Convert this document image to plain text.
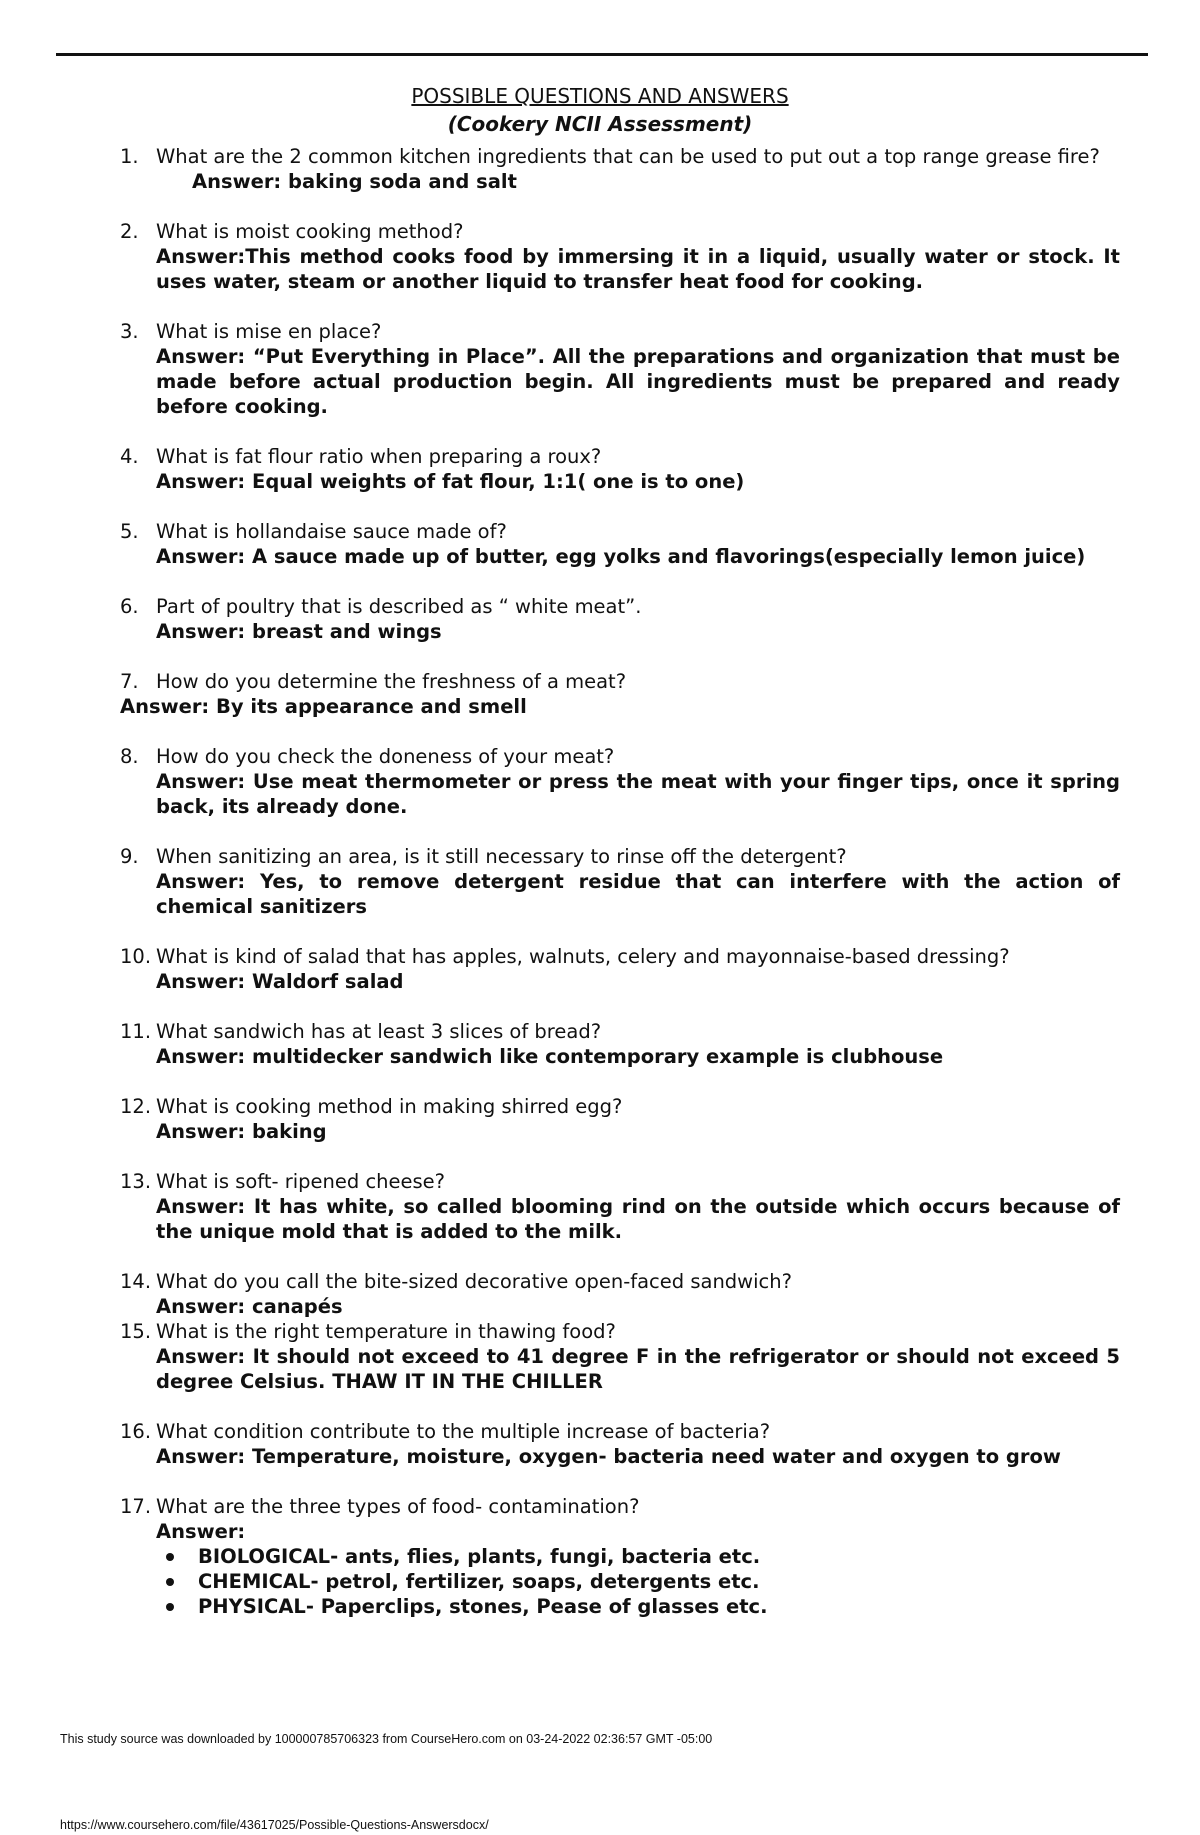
POSSIBLE QUESTIONS AND ANSWERS
(Cookery NCII Assessment)
1. What are the 2 common kitchen ingredients that can be used to put out a top range grease fire?
Answer: baking soda and salt
2. What is moist cooking method?
Answer:This method cooks food by immersing it in a liquid, usually water or stock. It uses water, steam or another liquid to transfer heat food for cooking.
3. What is mise en place?
Answer: “Put Everything in Place”. All the preparations and organization that must be made before actual production begin. All ingredients must be prepared and ready before cooking.
4. What is fat flour ratio when preparing a roux?
Answer: Equal weights of fat flour, 1:1( one is to one)
5. What is hollandaise sauce made of?
Answer: A sauce made up of butter, egg yolks and flavorings(especially lemon juice)
6. Part of poultry that is described as “ white meat”.
Answer: breast and wings
7. How do you determine the freshness of a meat?
Answer: By its appearance and smell
8. How do you check the doneness of your meat?
Answer: Use meat thermometer or press the meat with your finger tips, once it spring back, its already done.
9. When sanitizing an area, is it still necessary to rinse off the detergent?
Answer: Yes, to remove detergent residue that can interfere with the action of chemical sanitizers
10. What is kind of salad that has apples, walnuts, celery and mayonnaise-based dressing?
Answer: Waldorf salad
11. What sandwich has at least 3 slices of bread?
Answer: multidecker sandwich like contemporary example is clubhouse
12. What is cooking method in making shirred egg?
Answer: baking
13. What is soft- ripened cheese?
Answer: It has white, so called blooming rind on the outside which occurs because of the unique mold that is added to the milk.
14. What do you call the bite-sized decorative open-faced sandwich?
Answer: canapés
15. What is the right temperature in thawing food?
Answer: It should not exceed to 41 degree F in the refrigerator or should not exceed 5 degree Celsius. THAW IT IN THE CHILLER
16. What condition contribute to the multiple increase of bacteria?
Answer: Temperature, moisture, oxygen- bacteria need water and oxygen to grow
17. What are the three types of food- contamination?
Answer:
BIOLOGICAL- ants, flies, plants, fungi, bacteria etc.
CHEMICAL- petrol, fertilizer, soaps, detergents etc.
PHYSICAL- Paperclips, stones, Pease of glasses etc.
This study source was downloaded by 100000785706323 from CourseHero.com on 03-24-2022 02:36:57 GMT -05:00
https://www.coursehero.com/file/43617025/Possible-Questions-Answersdocx/
